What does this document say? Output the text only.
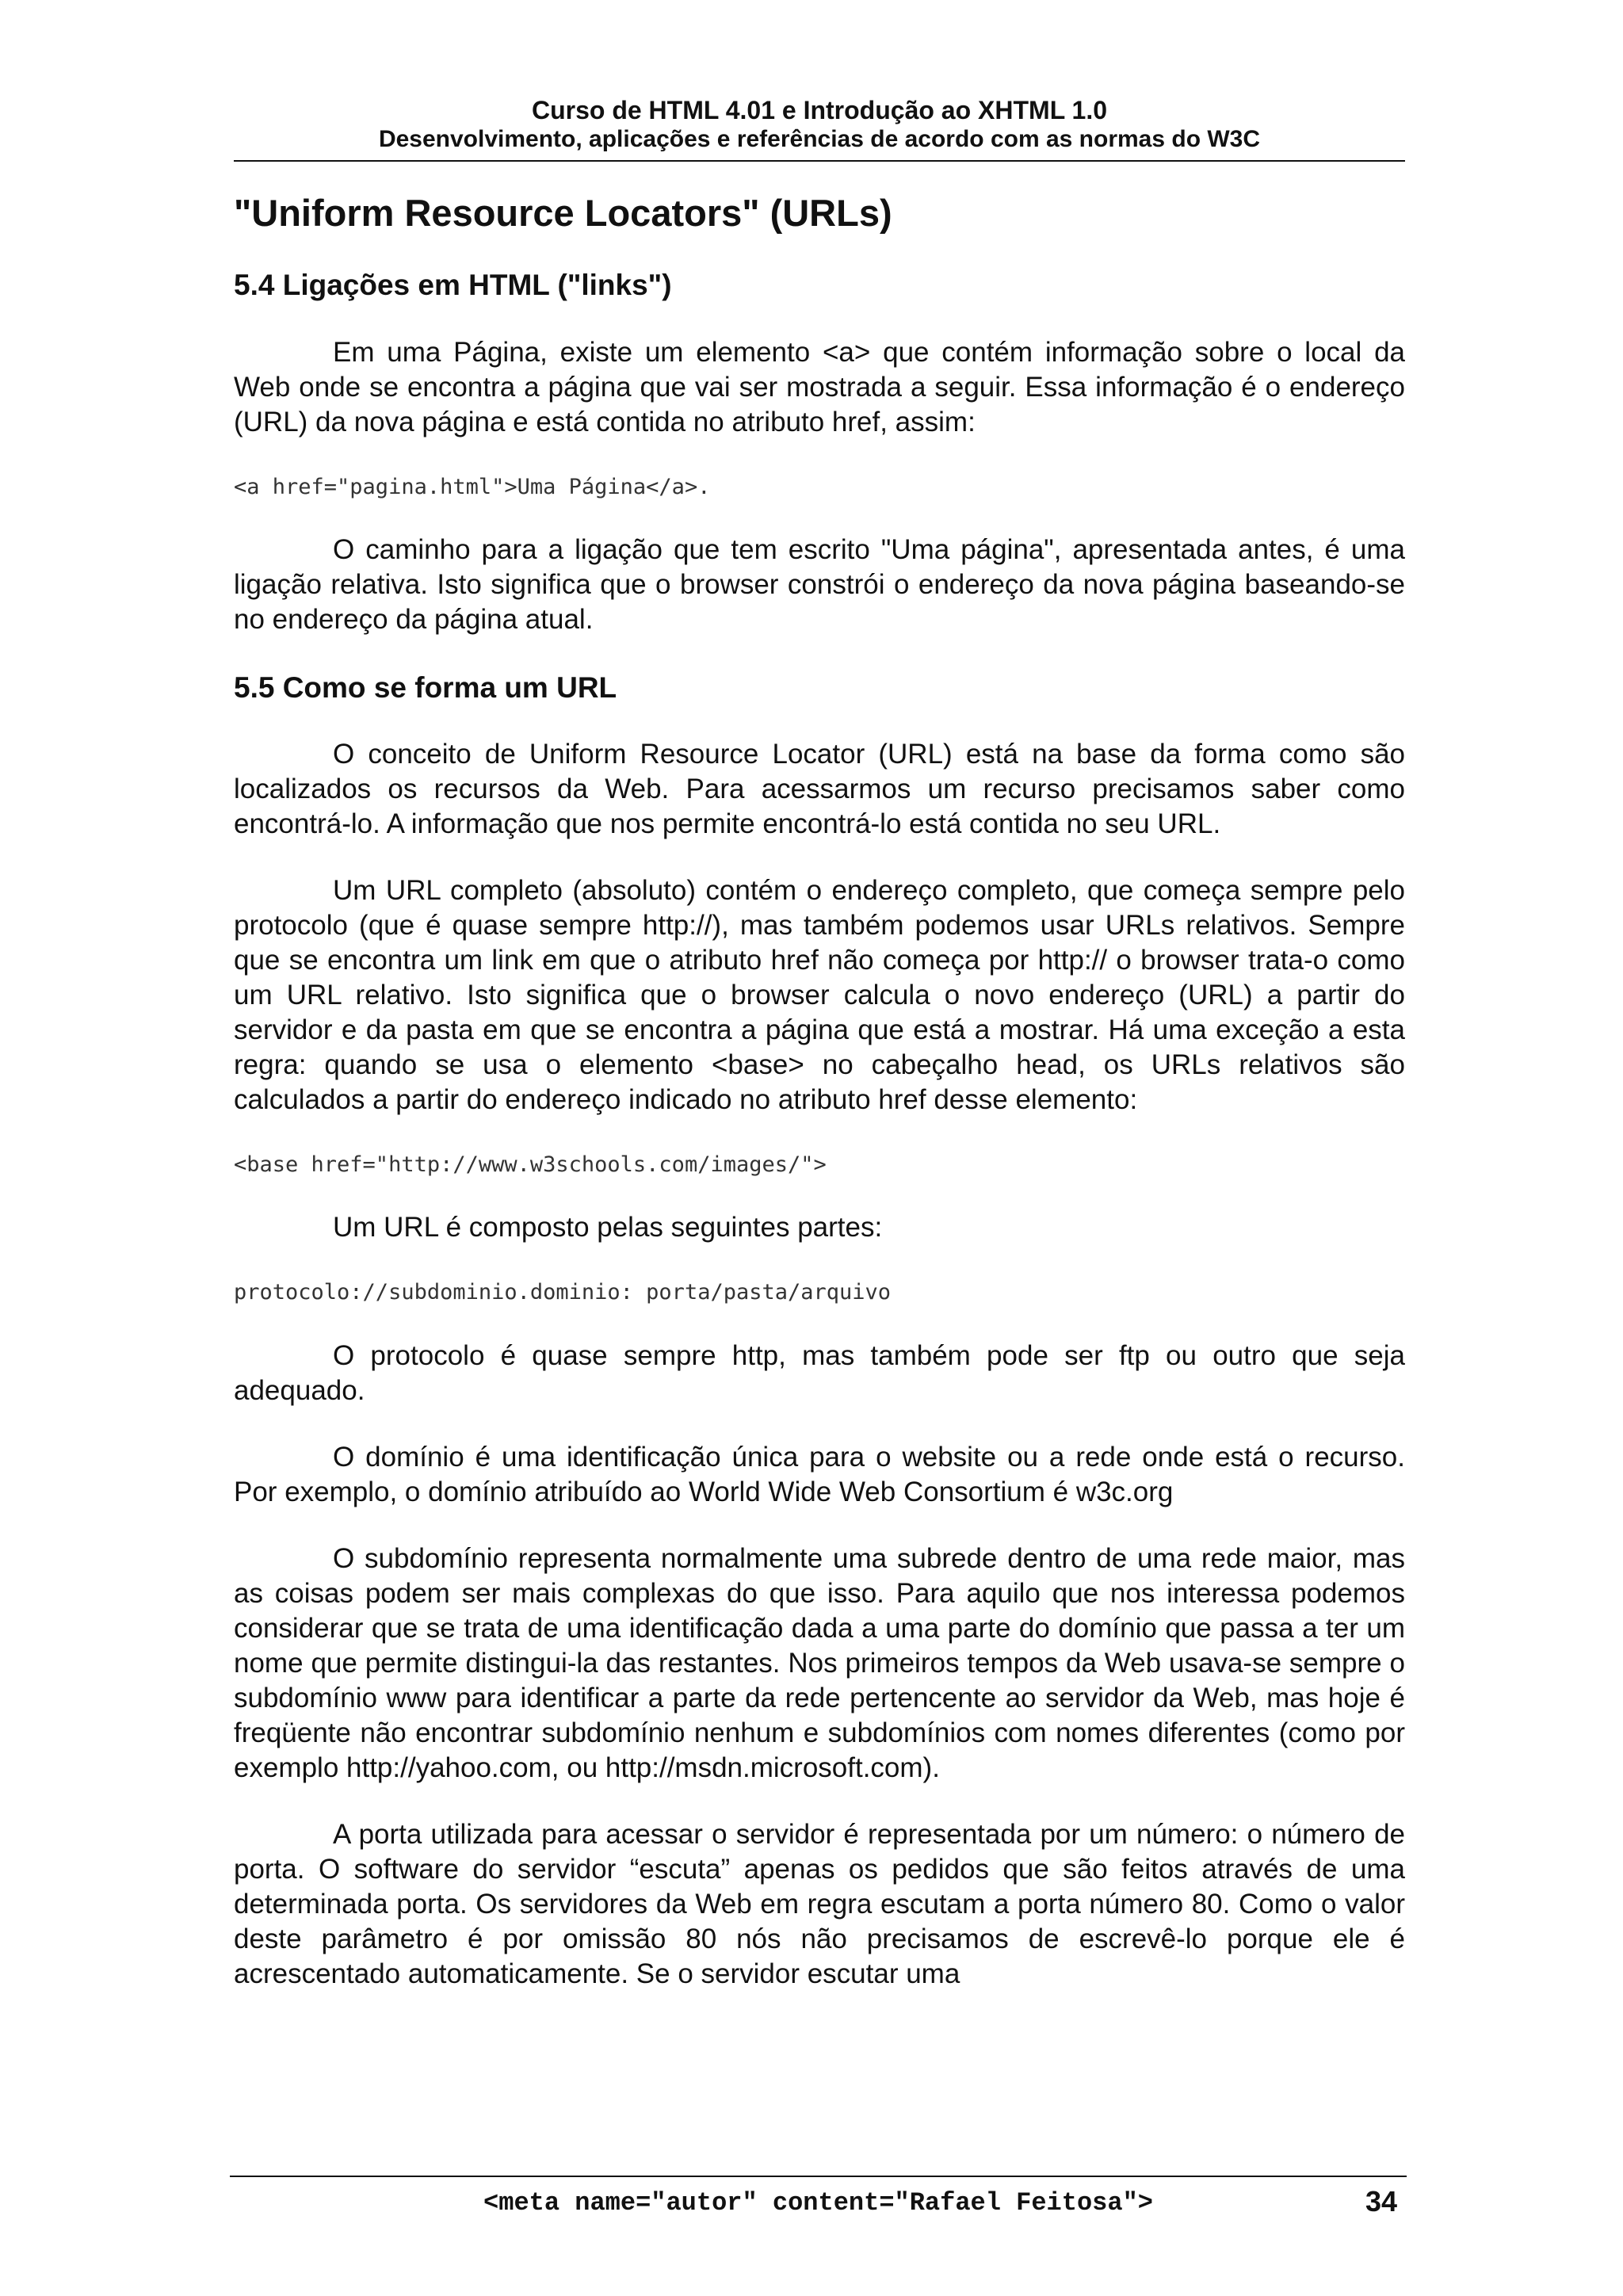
Curso de HTML 4.01 e Introdução ao XHTML 1.0
Desenvolvimento, aplicações e referências de acordo com as normas do W3C
"Uniform Resource Locators" (URLs)
5.4 Ligações em HTML ("links")

Em uma Página, existe um elemento <a> que contém informação sobre o local da Web onde se encontra a página que vai ser mostrada a seguir. Essa informação é o endereço (URL) da nova página e está contida no atributo href, assim:

<a href="pagina.html">Uma Página</a>.

O caminho para a ligação que tem escrito "Uma página", apresentada antes, é uma ligação relativa. Isto significa que o browser constrói o endereço da nova página baseando-se no endereço da página atual.

5.5 Como se forma um URL

O conceito de Uniform Resource Locator (URL) está na base da forma como são localizados os recursos da Web. Para acessarmos um recurso precisamos saber como encontrá-lo. A informação que nos permite encontrá-lo está contida no seu URL.

Um URL completo (absoluto) contém o endereço completo, que começa sempre pelo protocolo (que é quase sempre http://), mas também podemos usar URLs relativos. Sempre que se encontra um link em que o atributo href não começa por http:// o browser trata-o como um URL relativo. Isto significa que o browser calcula o novo endereço (URL) a partir do servidor e da pasta em que se encontra a página que está a mostrar. Há uma exceção a esta regra: quando se usa o elemento <base> no cabeçalho head, os URLs relativos são calculados a partir do endereço indicado no atributo href desse elemento:

<base href="http://www.w3schools.com/images/">

Um URL é composto pelas seguintes partes:

protocolo://subdominio.dominio: porta/pasta/arquivo

O protocolo é quase sempre http, mas também pode ser ftp ou outro que seja adequado.

O domínio é uma identificação única para o website ou a rede onde está o recurso. Por exemplo, o domínio atribuído ao World Wide Web Consortium é w3c.org

O subdomínio representa normalmente uma subrede dentro de uma rede maior, mas as coisas podem ser mais complexas do que isso. Para aquilo que nos interessa podemos considerar que se trata de uma identificação dada a uma parte do domínio que passa a ter um nome que permite distingui-la das restantes. Nos primeiros tempos da Web usava-se sempre o subdomínio www para identificar a parte da rede pertencente ao servidor da Web, mas hoje é freqüente não encontrar subdomínio nenhum e subdomínios com nomes diferentes (como por exemplo http://yahoo.com, ou http://msdn.microsoft.com).

A porta utilizada para acessar o servidor é representada por um número: o número de porta. O software do servidor “escuta” apenas os pedidos que são feitos através de uma determinada porta. Os servidores da Web em regra escutam a porta número 80. Como o valor deste parâmetro é por omissão 80 nós não precisamos de escrevê-lo porque ele é acrescentado automaticamente. Se o servidor escutar uma

<meta name="autor" content="Rafael Feitosa">	34
